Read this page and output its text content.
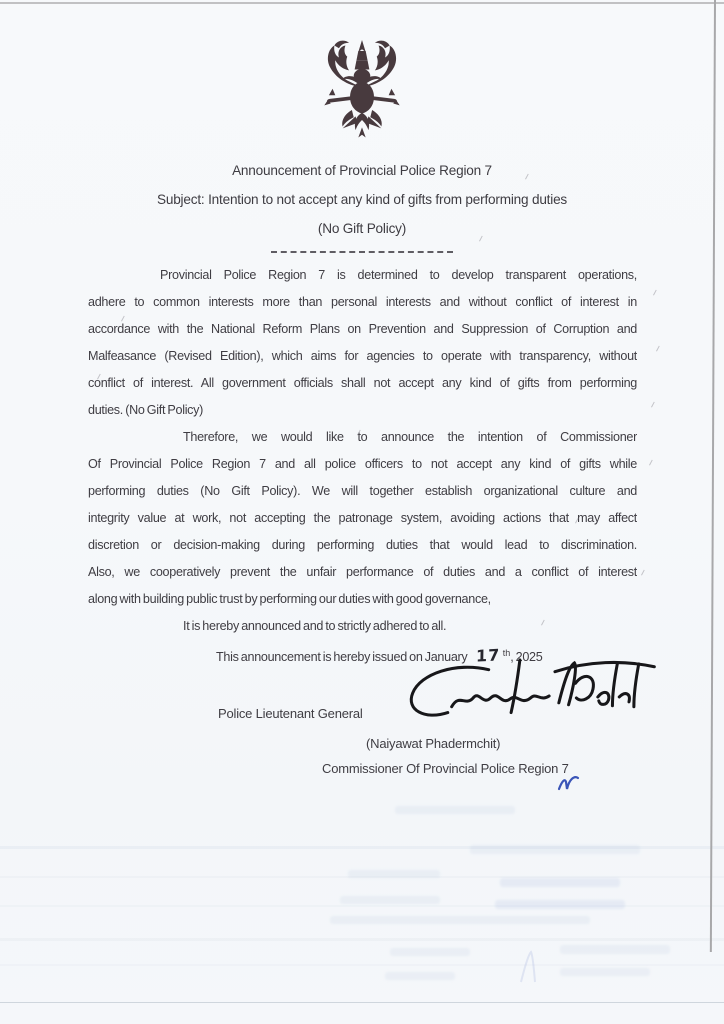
Announcement of Provincial Police Region 7
Subject: Intention to not accept any kind of gifts from performing duties
(No Gift Policy)
Provincial Police Region 7 is determined to develop transparent operations,
adhere to common interests more than personal interests and without conflict of interest in
accordance with the National Reform Plans on Prevention and Suppression of Corruption and
Malfeasance (Revised Edition), which aims for agencies to operate with transparency, without
conflict of interest. All government officials shall not accept any kind of gifts from performing
duties. (No Gift Policy)
Therefore, we would like to announce the intention of Commissioner
Of Provincial Police Region 7 and all police officers to not accept any kind of gifts while
performing duties (No Gift Policy). We will together establish organizational culture and
integrity value at work, not accepting the patronage system, avoiding actions that may affect
discretion or decision-making during performing duties that would lead to discrimination.
Also, we cooperatively prevent the unfair performance of duties and a conflict of interest
along with building public trust by performing our duties with good governance,
It is hereby announced and to strictly adhered to all.
This announcement is hereby issued on January 17 $^{th}$, 2025
Police Lieutenant General
(Naiyawat Phadermchit)
Commissioner Of Provincial Police Region 7
